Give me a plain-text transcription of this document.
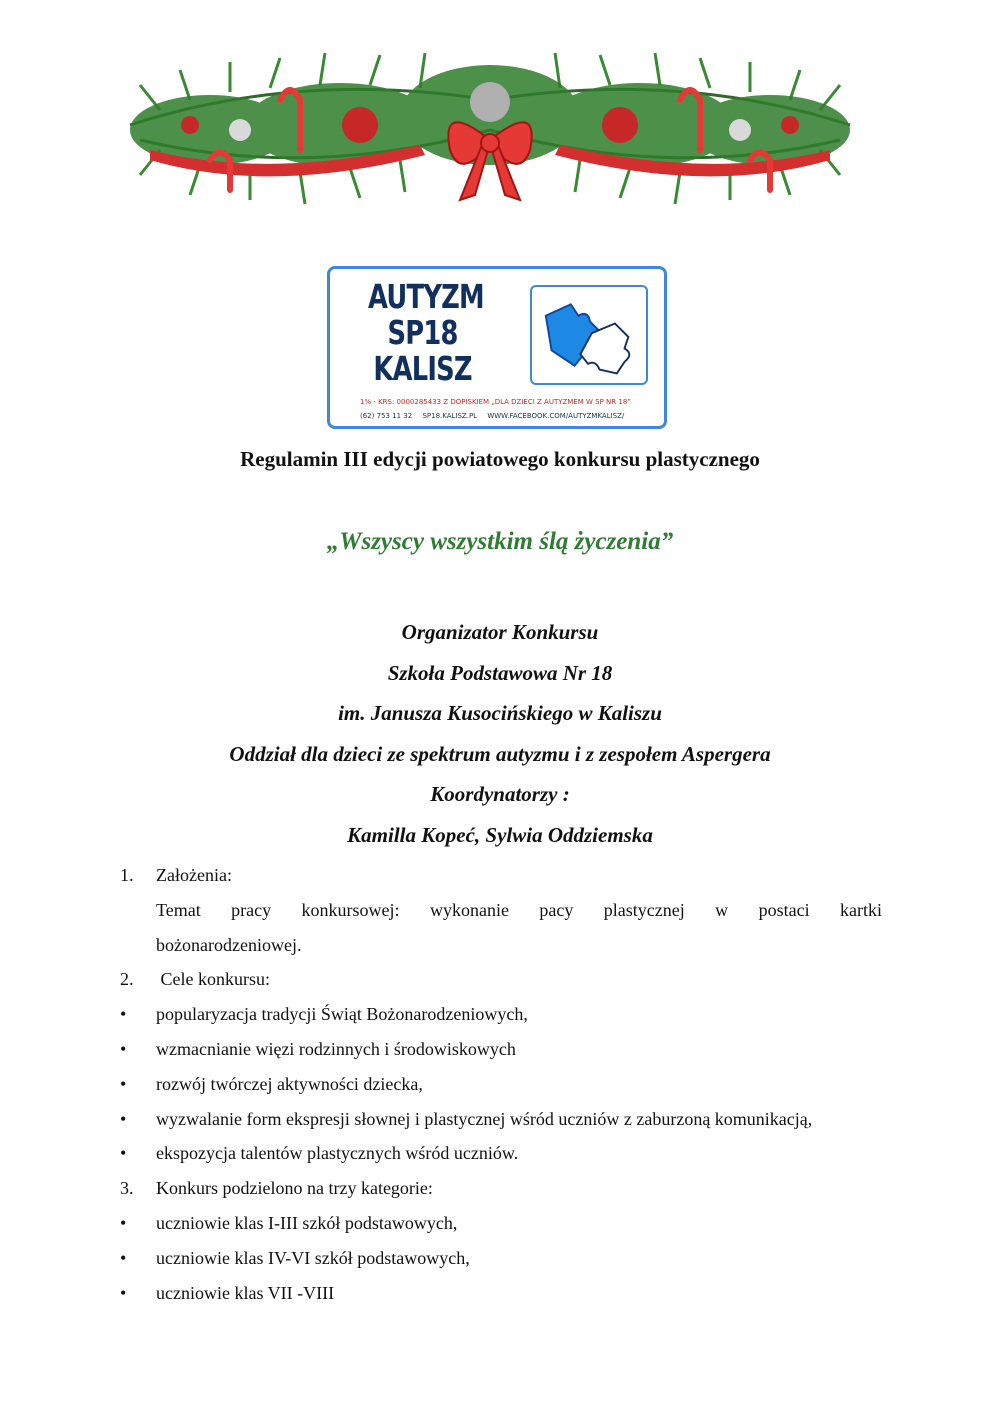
AUTYZM
SP18
KALISZ
1% - KRS: 0000285433 Z DOPISKIEM „DLA DZIECI Z AUTYZMEM W SP NR 18”
(62) 753 11 32 SP18.KALISZ.PL WWW.FACEBOOK.COM/AUTYZMKALISZ/
Regulamin III edycji powiatowego konkursu plastycznego
„Wszyscy wszystkim ślą życzenia”
Organizator Konkursu
Szkoła Podstawowa Nr 18
im. Janusza Kusocińskiego w Kaliszu
Oddział dla dzieci ze spektrum autyzmu i z zespołem Aspergera
Koordynatorzy :
Kamilla Kopeć, Sylwia Oddziemska
1.	Założenia:
Temat pracy konkursowej: wykonanie pacy plastycznej w postaci kartki
bożonarodzeniowej.
2.	Cele konkursu:
•	popularyzacja tradycji Świąt Bożonarodzeniowych,
•	wzmacnianie więzi rodzinnych i środowiskowych
•	rozwój twórczej aktywności dziecka,
•	wyzwalanie form ekspresji słownej i plastycznej wśród uczniów z zaburzoną komunikacją,
•	ekspozycja talentów plastycznych wśród uczniów.
3.	Konkurs podzielono na trzy kategorie:
•	uczniowie klas I-III szkół podstawowych,
•	uczniowie klas IV-VI szkół podstawowych,
•	uczniowie klas VII -VIII
